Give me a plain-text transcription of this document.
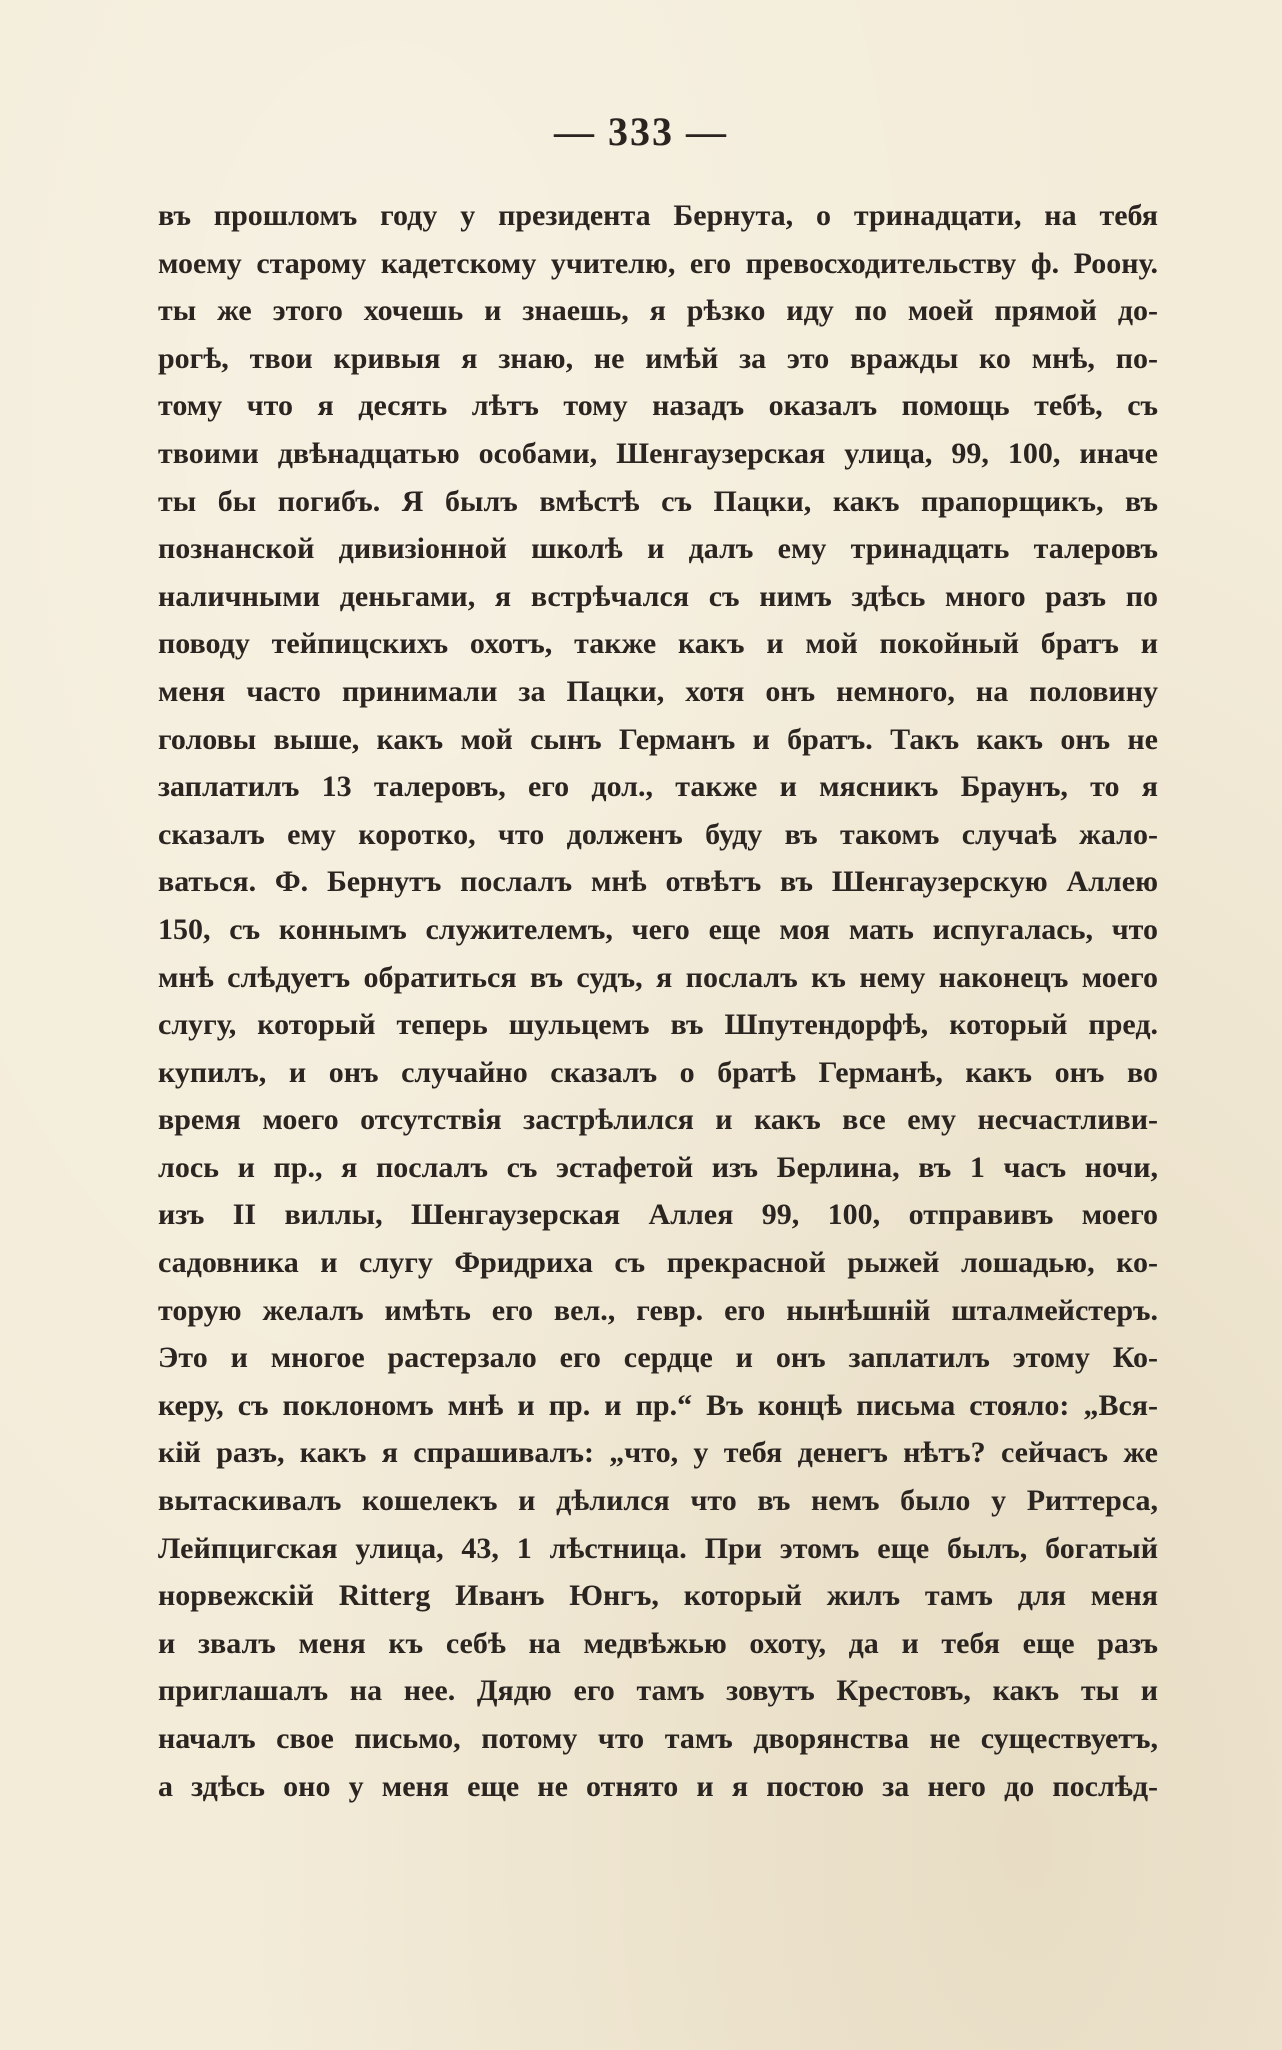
— 333 —
въ прошломъ году у президента Бернута, о тринадцати, на тебя
моему старому кадетскому учителю, его превосходительству ф. Роону.
ты же этого хочешь и знаешь, я рѣзко иду по моей прямой до-
рогѣ, твои кривыя я знаю, не имѣй за это вражды ко мнѣ, по-
тому что я десять лѣтъ тому назадъ оказалъ помощь тебѣ, съ
твоими двѣнадцатью особами, Шенгаузерская улица, 99, 100, иначе
ты бы погибъ. Я былъ вмѣстѣ съ Пацки, какъ прапорщикъ, въ
познанской дивизіонной школѣ и далъ ему тринадцать талеровъ
наличными деньгами, я встрѣчался съ нимъ здѣсь много разъ по
поводу тейпицскихъ охотъ, также какъ и мой покойный братъ и
меня часто принимали за Пацки, хотя онъ немного, на половину
головы выше, какъ мой сынъ Германъ и братъ. Такъ какъ онъ не
заплатилъ 13 талеровъ, его дол., также и мясникъ Браунъ, то я
сказалъ ему коротко, что долженъ буду въ такомъ случаѣ жало-
ваться. Ф. Бернутъ послалъ мнѣ отвѣтъ въ Шенгаузерскую Аллею
150, съ коннымъ служителемъ, чего еще моя мать испугалась, что
мнѣ слѣдуетъ обратиться въ судъ, я послалъ къ нему наконецъ моего
слугу, который теперь шульцемъ въ Шпутендорфѣ, который пред.
купилъ, и онъ случайно сказалъ о братѣ Германѣ, какъ онъ во
время моего отсутствія застрѣлился и какъ все ему несчастливи-
лось и пр., я послалъ съ эстафетой изъ Берлина, въ 1 часъ ночи,
изъ II виллы, Шенгаузерская Аллея 99, 100, отправивъ моего
садовника и слугу Фридриха съ прекрасной рыжей лошадью, ко-
торую желалъ имѣть его вел., гевр. его нынѣшній шталмейстеръ.
Это и многое растерзало его сердце и онъ заплатилъ этому Ко-
керу, съ поклономъ мнѣ и пр. и пр.“ Въ концѣ письма стояло: „Вся-
кій разъ, какъ я спрашивалъ: „что, у тебя денегъ нѣтъ? сейчасъ же
вытаскивалъ кошелекъ и дѣлился что въ немъ было у Риттерса,
Лейпцигская улица, 43, 1 лѣстница. При этомъ еще былъ, богатый
норвежскій Ritterg Иванъ Юнгъ, который жилъ тамъ для меня
и звалъ меня къ себѣ на медвѣжью охоту, да и тебя еще разъ
приглашалъ на нее. Дядю его тамъ зовутъ Крестовъ, какъ ты и
началъ свое письмо, потому что тамъ дворянства не существуетъ,
а здѣсь оно у меня еще не отнято и я постою за него до послѣд-
